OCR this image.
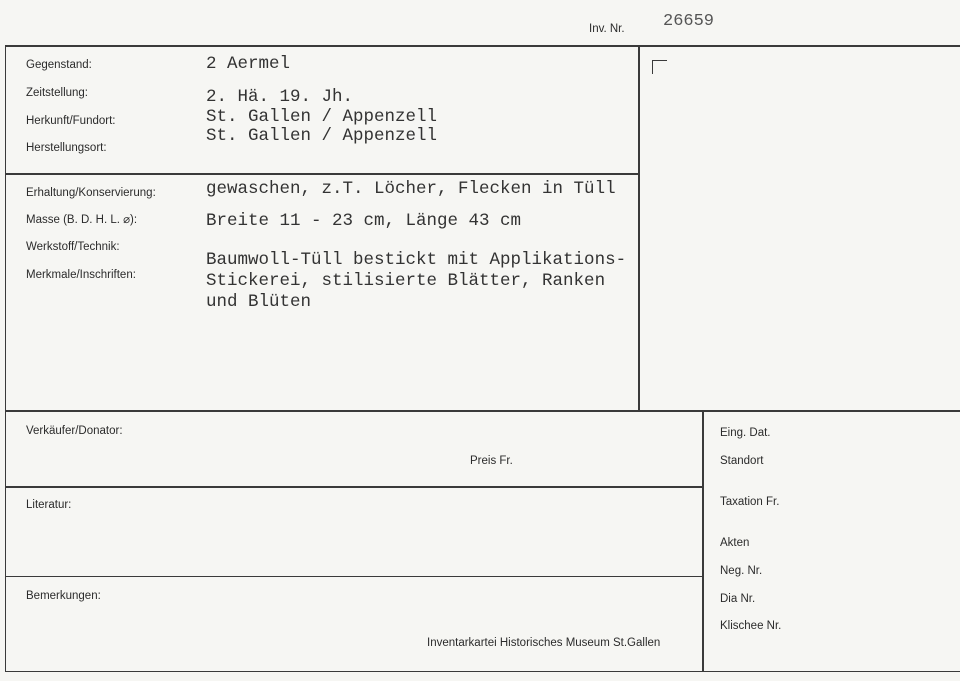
Inv. Nr. 26659
Gegenstand:
Zeitstellung:
Herkunft/Fundort:
Herstellungsort:
2 Aermel
2. Hä. 19. Jh.
St. Gallen / Appenzell
St. Gallen / Appenzell
Erhaltung/Konservierung:
Masse (B. D. H. L. ⌀):
Werkstoff/Technik:
Merkmale/Inschriften:
gewaschen, z.T. Löcher, Flecken in Tüll
Breite 11 - 23 cm, Länge 43 cm
Baumwoll-Tüll bestickt mit Applikations-
Stickerei, stilisierte Blätter, Ranken
und Blüten
Verkäufer/Donator:
Preis Fr.
Literatur:
Bemerkungen:
Inventarkartei Historisches Museum St.Gallen
Eing. Dat.
Standort
Taxation Fr.
Akten
Neg. Nr.
Dia Nr.
Klischee Nr.
